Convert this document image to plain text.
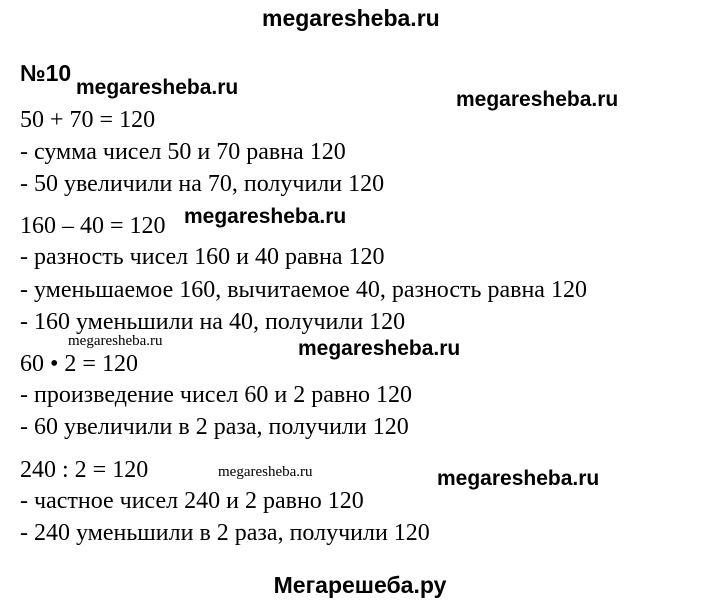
megaresheba.ru
№10
megaresheba.ru
megaresheba.ru
50 + 70 = 120
- сумма чисел 50 и 70 равна 120
- 50 увеличили на 70, получили 120
160 – 40 = 120 megaresheba.ru
- разность чисел 160 и 40 равна 120
- уменьшаемое 160, вычитаемое 40, разность равна 120
- 160 уменьшили на 40, получили 120
megaresheba.ru	megaresheba.ru
60 • 2 = 120
- произведение чисел 60 и 2 равно 120
- 60 увеличили в 2 раза, получили 120
240 : 2 = 120	megaresheba.ru	megaresheba.ru
- частное чисел 240 и 2 равно 120
- 240 уменьшили в 2 раза, получили 120
Мегарешеба.ру
